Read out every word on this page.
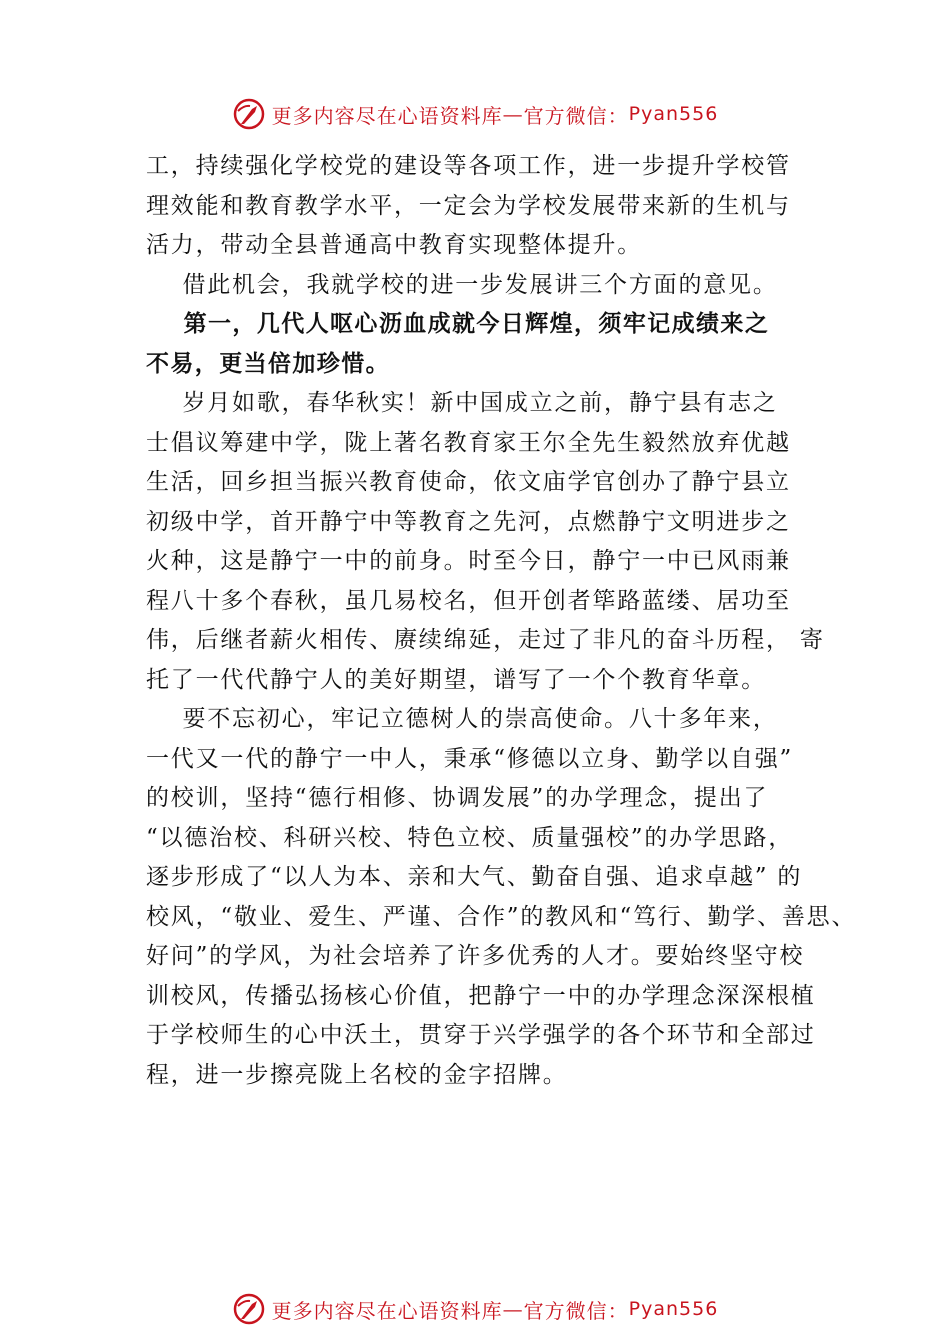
更多内容尽在心语资料库 — 官方微信： Pyan556
工，持续强化学校党的建设等各项工作，进一步提升学校管
理效能和教育教学水平，一定会为学校发展带来新的生机与
活力，带动全县普通高中教育实现整体提升。
借此机会，我就学校的进一步发展讲三个方面的意见。
第一，几代人呕心沥血成就今日辉煌，须牢记成绩来之
不易，更当倍加珍惜。
岁月如歌，春华秋实！新中国成立之前，静宁县有志之
士倡议筹建中学，陇上著名教育家王尔全先生毅然放弃优越
生活，回乡担当振兴教育使命，依文庙学官创办了静宁县立
初级中学，首开静宁中等教育之先河，点燃静宁文明进步之
火种，这是静宁一中的前身。时至今日，静宁一中已风雨兼
程八十多个春秋，虽几易校名，但开创者筚路蓝缕、居功至
伟，后继者薪火相传、赓续绵延，走过了非凡的奋斗历程， 寄
托了一代代静宁人的美好期望，谱写了一个个教育华章。
要不忘初心，牢记立德树人的崇高使命。八十多年来，
一代又一代的静宁一中人，秉承“修德以立身、勤学以自强”
的校训，坚持“德行相修、协调发展”的办学理念，提出了
“以德治校、科研兴校、特色立校、质量强校”的办学思路，
逐步形成了“以人为本、亲和大气、勤奋自强、追求卓越” 的
校风，“敬业、爱生、严谨、合作”的教风和“笃行、勤学、善思、
好问”的学风，为社会培养了许多优秀的人才。要始终坚守校
训校风，传播弘扬核心价值，把静宁一中的办学理念深深根植
于学校师生的心中沃土，贯穿于兴学强学的各个环节和全部过
程，进一步擦亮陇上名校的金字招牌。
更多内容尽在心语资料库 — 官方微信： Pyan556
